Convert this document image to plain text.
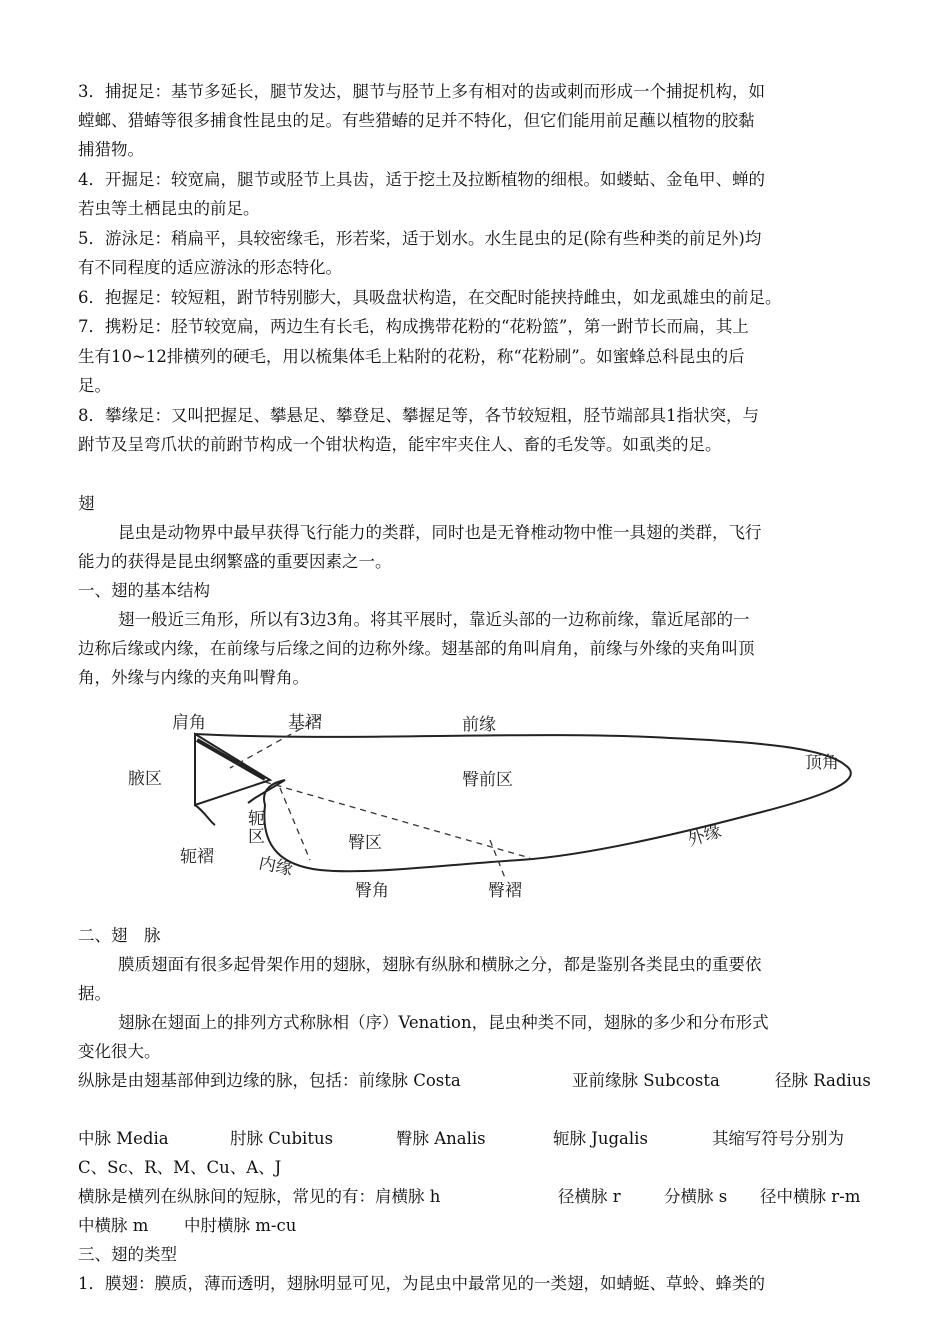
3．捕捉足：基节多延长，腿节发达，腿节与胫节上多有相对的齿或刺而形成一个捕捉机构，如
螳螂、猎蝽等很多捕食性昆虫的足。有些猎蝽的足并不特化，但它们能用前足蘸以植物的胶黏
捕猎物。
4．开掘足：较宽扁，腿节或胫节上具齿，适于挖土及拉断植物的细根。如蝼蛄、金龟甲、蝉的
若虫等土栖昆虫的前足。
5．游泳足：稍扁平，具较密缘毛，形若桨，适于划水。水生昆虫的足(除有些种类的前足外)均
有不同程度的适应游泳的形态特化。
6．抱握足：较短粗，跗节特别膨大，具吸盘状构造，在交配时能挟持雌虫，如龙虱雄虫的前足。
7．携粉足：胫节较宽扁，两边生有长毛，构成携带花粉的“花粉篮”，第一跗节长而扁，其上
生有10~12排横列的硬毛，用以梳集体毛上粘附的花粉，称“花粉刷”。如蜜蜂总科昆虫的后
足。
8．攀缘足：又叫把握足、攀悬足、攀登足、攀握足等，各节较短粗，胫节端部具1指状突，与
跗节及呈弯爪状的前跗节构成一个钳状构造，能牢牢夹住人、畜的毛发等。如虱类的足。
翅
昆虫是动物界中最早获得飞行能力的类群，同时也是无脊椎动物中惟一具翅的类群，飞行
能力的获得是昆虫纲繁盛的重要因素之一。
一、翅的基本结构
翅一般近三角形，所以有3边3角。将其平展时，靠近头部的一边称前缘，靠近尾部的一
边称后缘或内缘，在前缘与后缘之间的边称外缘。翅基部的角叫肩角，前缘与外缘的夹角叫顶
角，外缘与内缘的夹角叫臀角。
肩角	基褶	前缘
顶角
腋区	臀前区
轭
区	臀区	外缘
轭褶	内缘
臀角	臀褶
二、翅　脉
膜质翅面有很多起骨架作用的翅脉，翅脉有纵脉和横脉之分，都是鉴别各类昆虫的重要依
据。
翅脉在翅面上的排列方式称脉相（序）Venation，昆虫种类不同，翅脉的多少和分布形式
变化很大。
纵脉是由翅基部伸到边缘的脉，包括：前缘脉 Costa	亚前缘脉 Subcosta	径脉 Radius
中脉 Media	肘脉 Cubitus	臀脉 Analis	轭脉 Jugalis	其缩写符号分别为
C、Sc、R、M、Cu、A、J
横脉是横列在纵脉间的短脉，常见的有：肩横脉 h	径横脉 r	分横脉 s 径中横脉 r-m
中横脉 m 中肘横脉 m-cu
三、翅的类型
1．膜翅：膜质，薄而透明，翅脉明显可见，为昆虫中最常见的一类翅，如蜻蜓、草蛉、蜂类的
